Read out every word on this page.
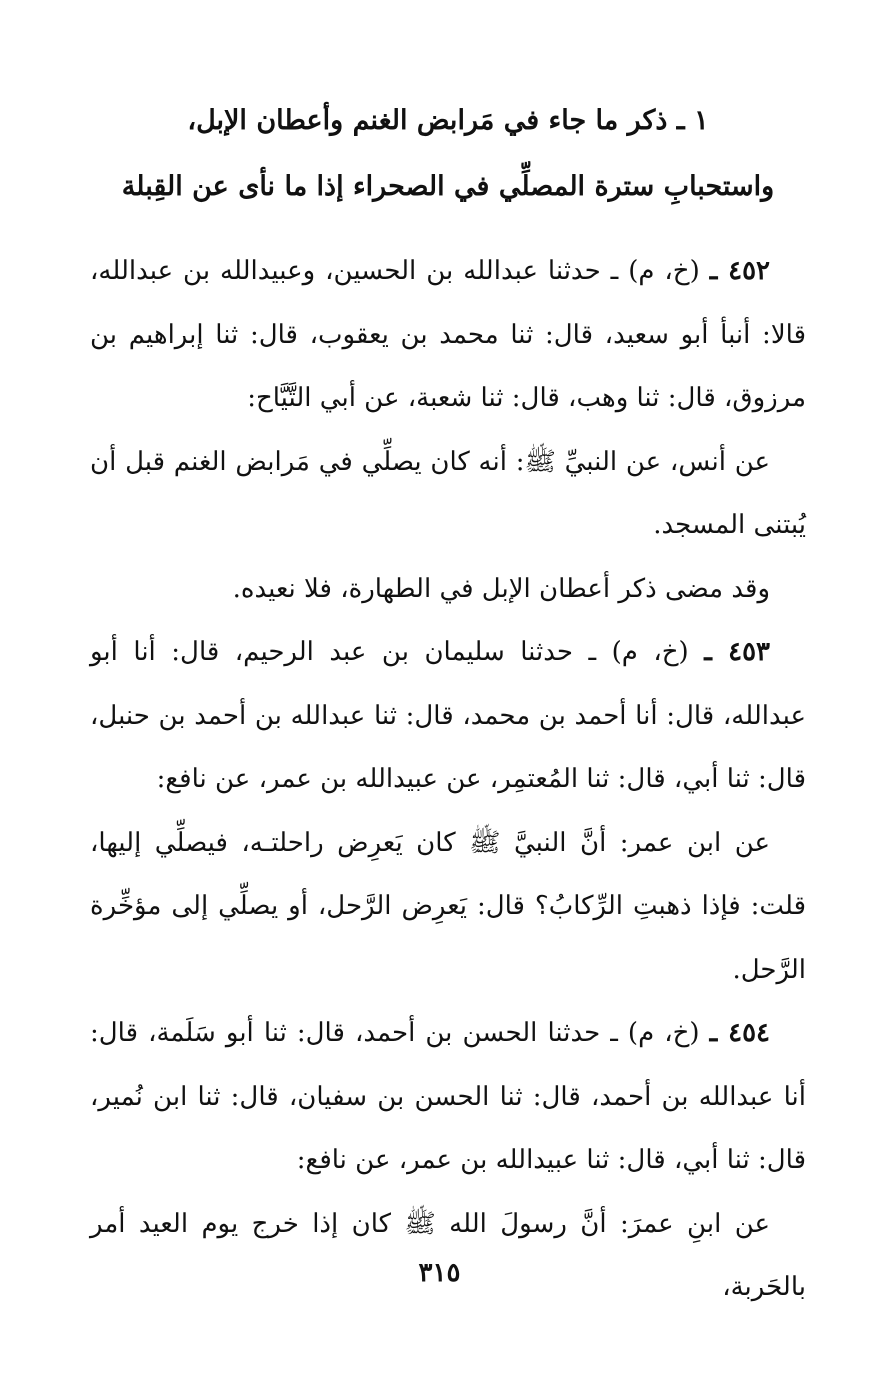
١ ـ ذكر ما جاء في مَرابض الغنم وأعطان الإبل،

واستحبابِ سترة المصلِّي في الصحراء إذا ما نأى عن القِبلة

٤٥٢ ـ (خ، م) ـ حدثنا عبدالله بن الحسين، وعبيدالله بن عبدالله، قالا: أنبأ أبو سعيد، قال: ثنا محمد بن يعقوب، قال: ثنا إبراهيم بن مرزوق، قال: ثنا وهب، قال: ثنا شعبة، عن أبي التَّيَّاح:

عن أنس، عن النبيِّ ﷺ: أنه كان يصلِّي في مَرابض الغنم قبل أن يُبتنى المسجد.

وقد مضى ذكر أعطان الإبل في الطهارة، فلا نعيده.

٤٥٣ ـ (خ، م) ـ حدثنا سليمان بن عبد الرحيم، قال: أنا أبو عبدالله، قال: أنا أحمد بن محمد، قال: ثنا عبدالله بن أحمد بن حنبل، قال: ثنا أبي، قال: ثنا المُعتمِر، عن عبيدالله بن عمر، عن نافع:

عن ابن عمر: أنَّ النبيَّ ﷺ كان يَعرِض راحلتـه، فيصلِّي إليها، قلت: فإذا ذهبتِ الرِّكابُ؟ قال: يَعرِض الرَّحل، أو يصلِّي إلى مؤخِّرة الرَّحل.

٤٥٤ ـ (خ، م) ـ حدثنا الحسن بن أحمد، قال: ثنا أبو سَلَمة، قال: أنا عبدالله بن أحمد، قال: ثنا الحسن بن سفيان، قال: ثنا ابن نُمير، قال: ثنا أبي، قال: ثنا عبيدالله بن عمر، عن نافع:

عن ابنِ عمرَ: أنَّ رسولَ الله ﷺ كان إذا خرج يوم العيد أمر بالحَربة،

٣١٥
